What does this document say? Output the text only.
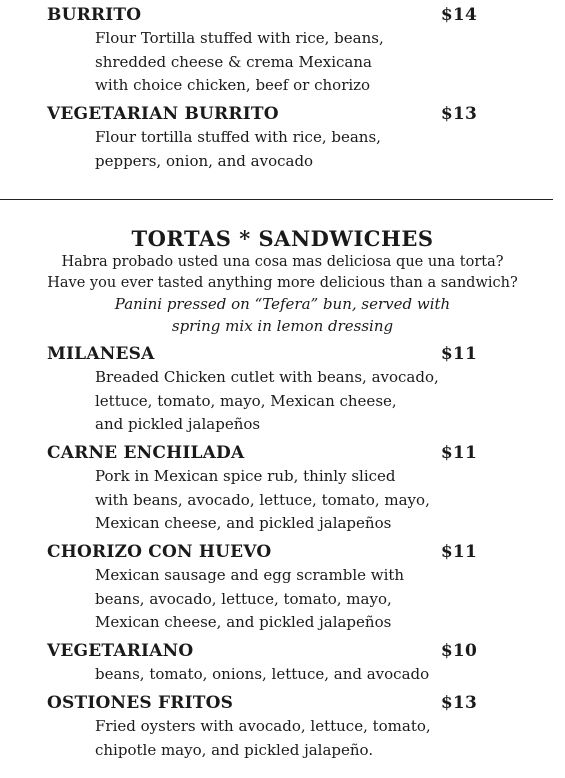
BURRITO	$14
Flour Tortilla stuffed with rice, beans,
shredded cheese & crema Mexicana
with choice chicken, beef or chorizo
VEGETARIAN BURRITO	$13
Flour tortilla stuffed with rice, beans,
peppers, onion, and avocado
TORTAS * SANDWICHES
Habra probado usted una cosa mas deliciosa que una torta?
Have you ever tasted anything more delicious than a sandwich?
Panini pressed on “Tefera” bun, served with
spring mix in lemon dressing
MILANESA	$11
Breaded Chicken cutlet with beans, avocado,
lettuce, tomato, mayo, Mexican cheese,
and pickled jalapeños
CARNE ENCHILADA	$11
Pork in Mexican spice rub, thinly sliced
with beans, avocado, lettuce, tomato, mayo,
Mexican cheese, and pickled jalapeños
CHORIZO CON HUEVO	$11
Mexican sausage and egg scramble with
beans, avocado, lettuce, tomato, mayo,
Mexican cheese, and pickled jalapeños
VEGETARIANO	$10
beans, tomato, onions, lettuce, and avocado
OSTIONES FRITOS	$13
Fried oysters with avocado, lettuce, tomato,
chipotle mayo, and pickled jalapeño.
